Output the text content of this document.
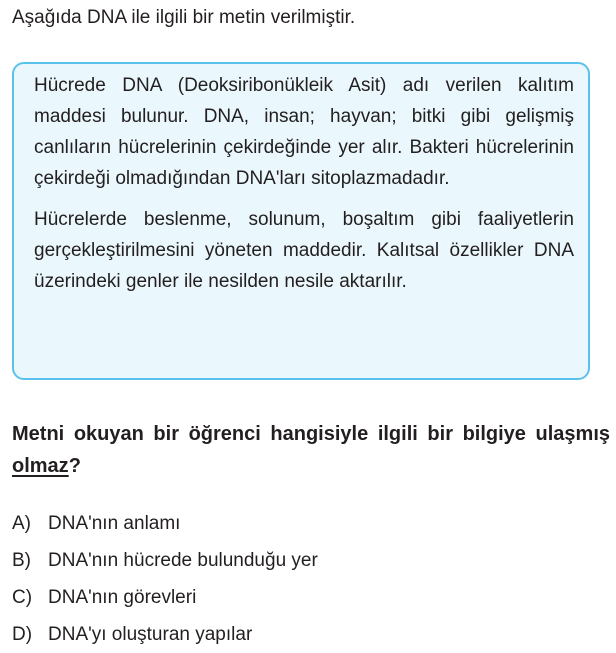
Aşağıda DNA ile ilgili bir metin verilmiştir.

Hücrede DNA (Deoksiribonükleik Asit) adı verilen kalıtım maddesi bulunur. DNA, insan; hayvan; bitki gibi gelişmiş canlıların hücrelerinin çekirdeğinde yer alır. Bakteri hücrelerinin çekirdeği olmadığından DNA'ları sitoplazmadadır.

Hücrelerde beslenme, solunum, boşaltım gibi faaliyetlerin gerçekleştirilmesini yöneten maddedir. Kalıtsal özellikler DNA üzerindeki genler ile nesilden nesile aktarılır.

Metni okuyan bir öğrenci hangisiyle ilgili bir bilgiye ulaşmış olmaz?

A) DNA'nın anlamı
B) DNA'nın hücrede bulunduğu yer
C) DNA'nın görevleri
D) DNA'yı oluşturan yapılar
